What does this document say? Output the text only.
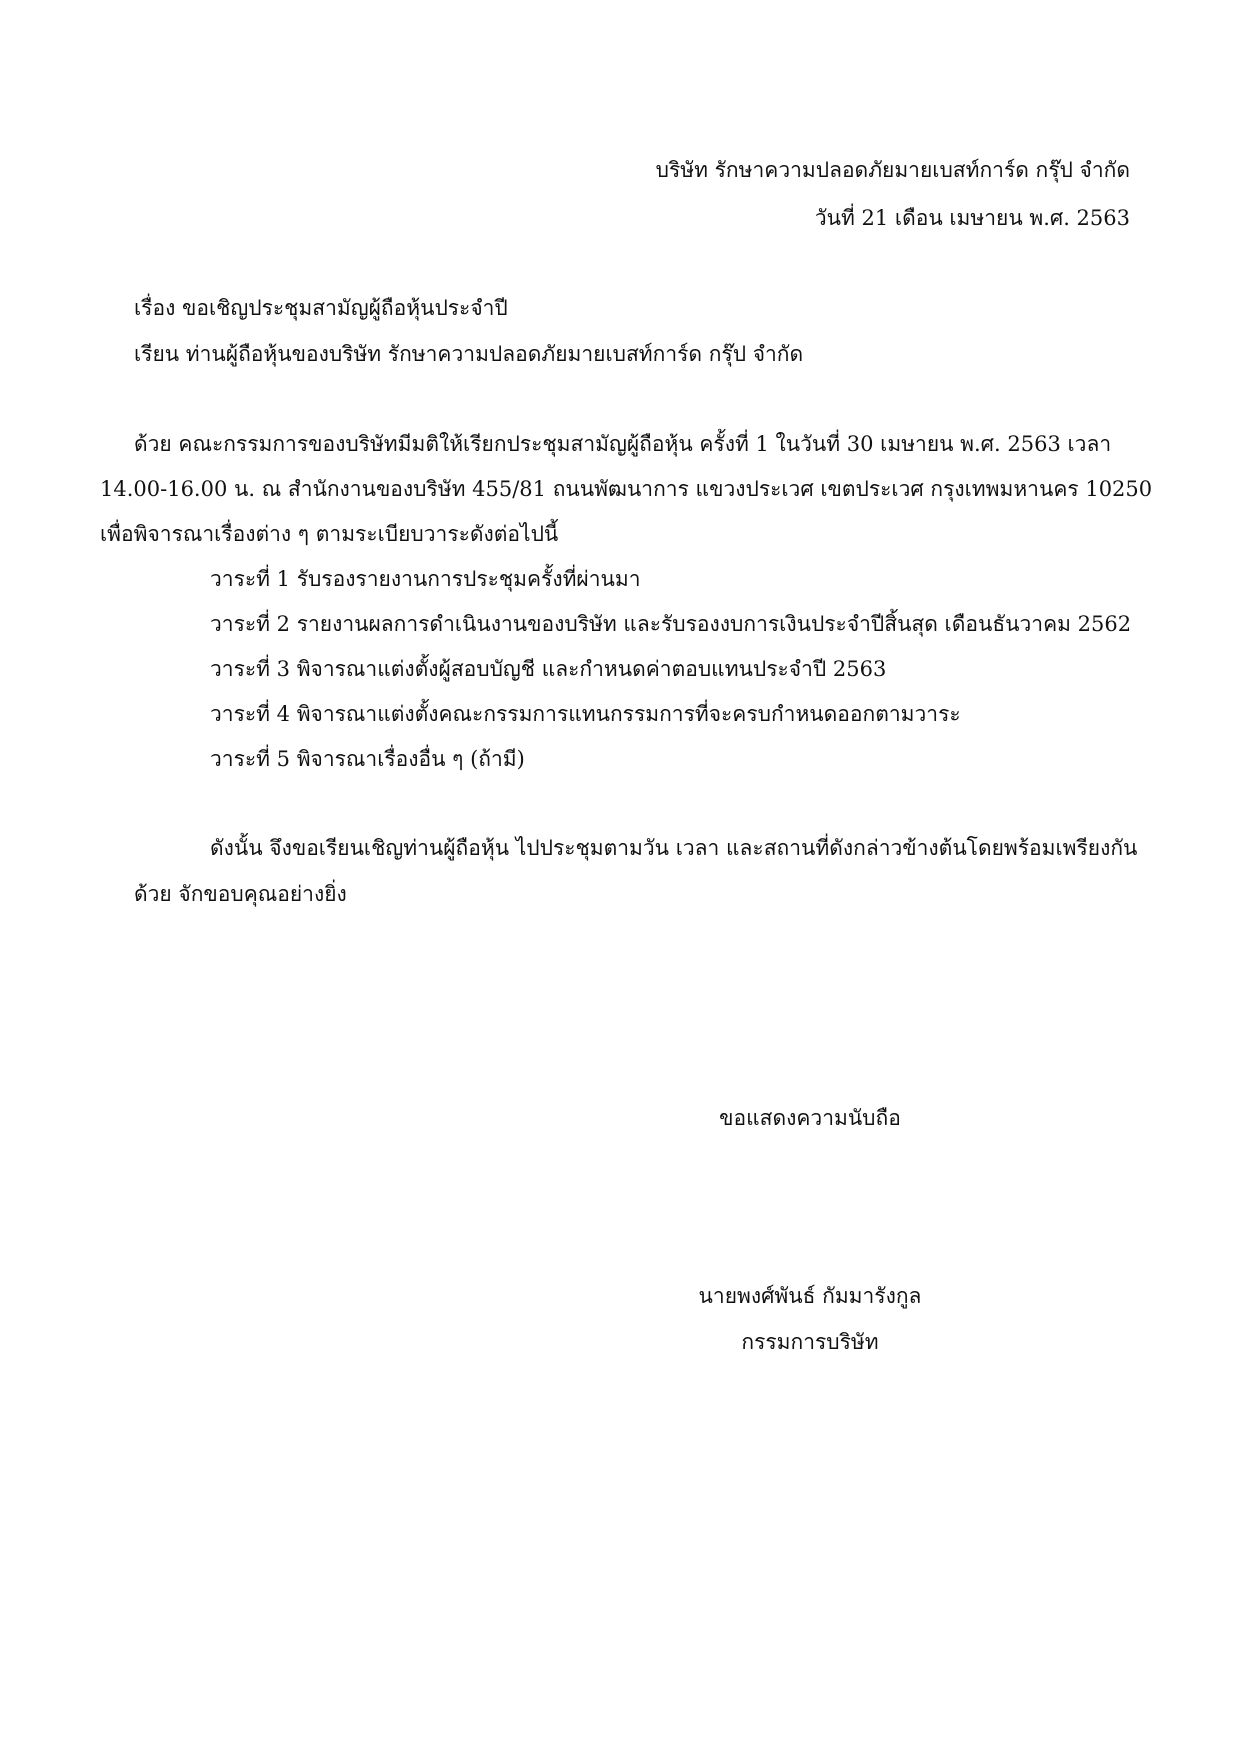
บริษัท รักษาความปลอดภัยมายเบสท์การ์ด กรุ๊ป จำกัด

วันที่ 21 เดือน เมษายน พ.ศ. 2563

เรื่อง ขอเชิญประชุมสามัญผู้ถือหุ้นประจำปี

เรียน ท่านผู้ถือหุ้นของบริษัท รักษาความปลอดภัยมายเบสท์การ์ด กรุ๊ป จำกัด

ด้วย คณะกรรมการของบริษัทมีมติให้เรียกประชุมสามัญผู้ถือหุ้น ครั้งที่ 1 ในวันที่ 30 เมษายน พ.ศ. 2563 เวลา

14.00-16.00 น. ณ สำนักงานของบริษัท 455/81 ถนนพัฒนาการ แขวงประเวศ เขตประเวศ กรุงเทพมหานคร 10250

เพื่อพิจารณาเรื่องต่าง ๆ ตามระเบียบวาระดังต่อไปนี้

วาระที่ 1 รับรองรายงานการประชุมครั้งที่ผ่านมา

วาระที่ 2 รายงานผลการดำเนินงานของบริษัท และรับรองงบการเงินประจำปีสิ้นสุด เดือนธันวาคม 2562

วาระที่ 3 พิจารณาแต่งตั้งผู้สอบบัญชี และกำหนดค่าตอบแทนประจำปี 2563

วาระที่ 4 พิจารณาแต่งตั้งคณะกรรมการแทนกรรมการที่จะครบกำหนดออกตามวาระ

วาระที่ 5 พิจารณาเรื่องอื่น ๆ (ถ้ามี)

ดังนั้น จึงขอเรียนเชิญท่านผู้ถือหุ้น ไปประชุมตามวัน เวลา และสถานที่ดังกล่าวข้างต้นโดยพร้อมเพรียงกัน

ด้วย จักขอบคุณอย่างยิ่ง

ขอแสดงความนับถือ

นายพงศ์พันธ์ กัมมารังกูล

กรรมการบริษัท
